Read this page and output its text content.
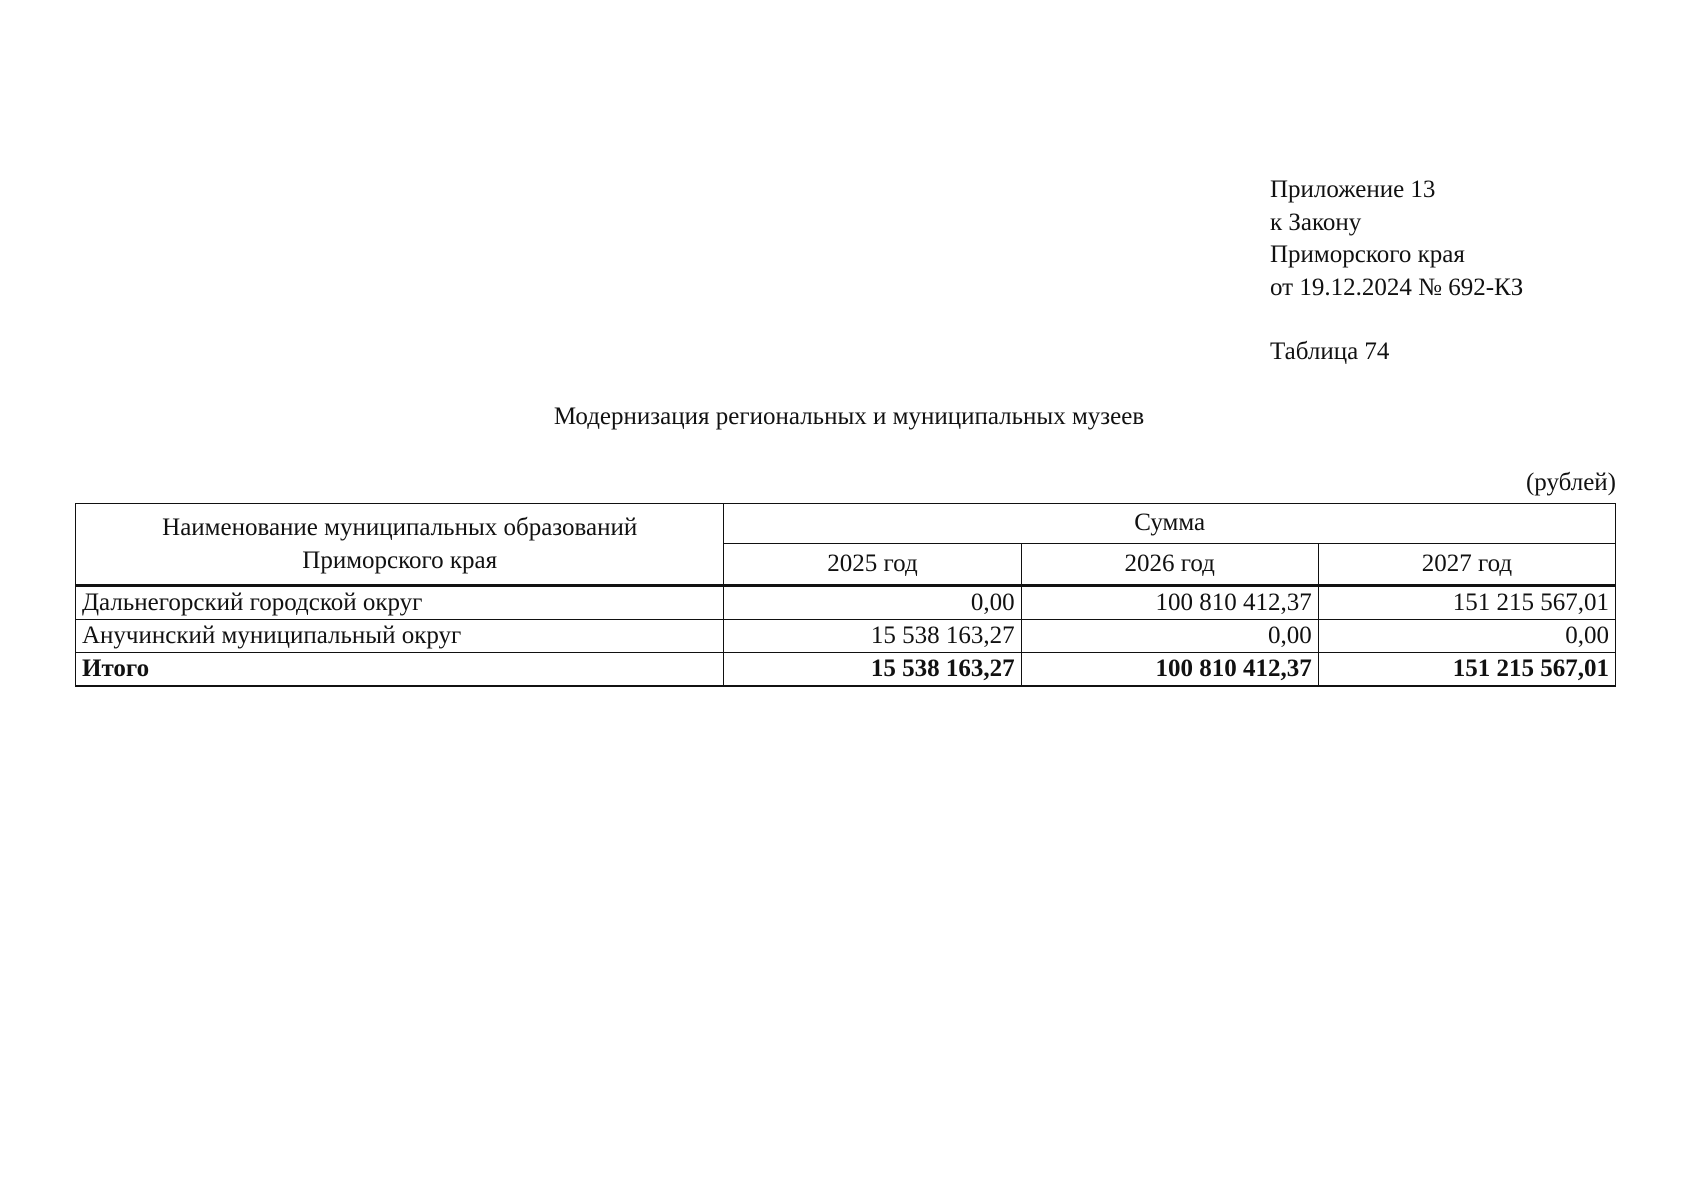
Приложение 13
к Закону
Приморского края
от 19.12.2024 № 692-КЗ
Таблица 74
Модернизация региональных и муниципальных музеев
(рублей)
Наименование муниципальных образований
Приморского края	Сумма		
	2025 год	2026 год	2027 год
Дальнегорский городской округ	0,00	100 810 412,37	151 215 567,01
Анучинский муниципальный округ	15 538 163,27	0,00	0,00
Итого	15 538 163,27	100 810 412,37	151 215 567,01
